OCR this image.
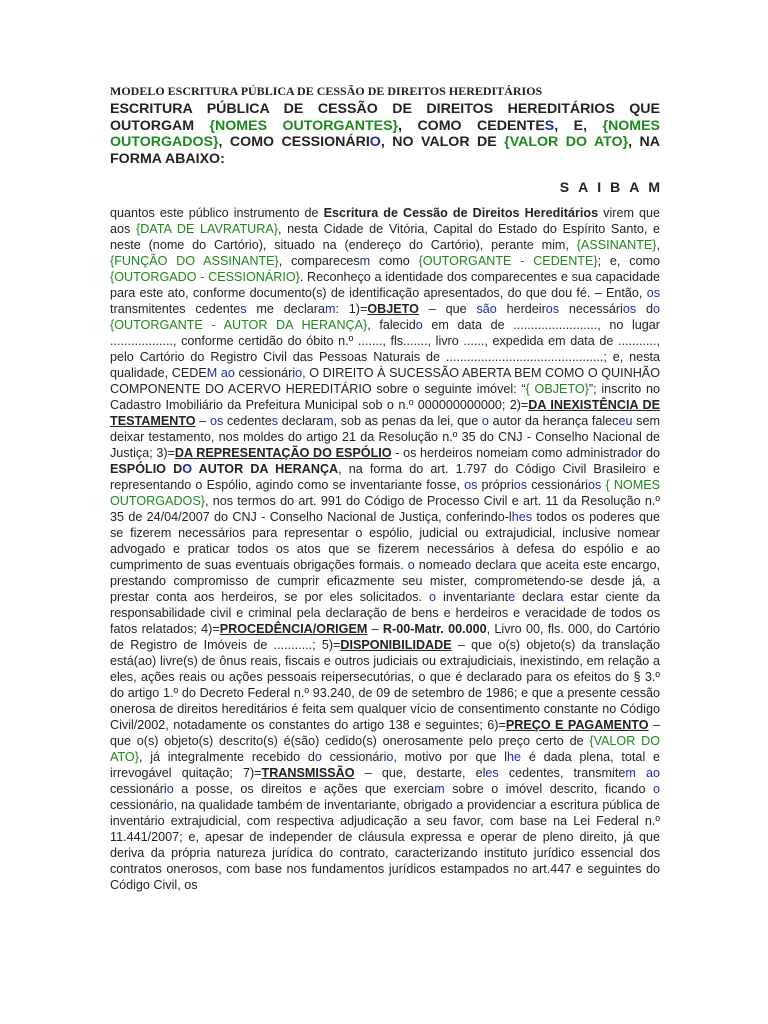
MODELO ESCRITURA PÚBLICA DE CESSÃO DE DIREITOS HEREDITÁRIOS

ESCRITURA PÚBLICA DE CESSÃO DE DIREITOS HEREDITÁRIOS QUE OUTORGAM {NOMES OUTORGANTES}, COMO CEDENTES, E, {NOMES OUTORGADOS}, COMO CESSIONÁRIO, NO VALOR DE {VALOR DO ATO}, NA FORMA ABAIXO:

SAIBAM

quantos este público instrumento de Escritura de Cessão de Direitos Hereditários virem que aos {DATA DE LAVRATURA}, nesta Cidade de Vitória, Capital do Estado do Espírito Santo, e neste (nome do Cartório), situado na (endereço do Cartório), perante mim, {ASSINANTE}, {FUNÇÃO DO ASSINANTE}, comparecesm como {OUTORGANTE - CEDENTE}; e, como {OUTORGADO - CESSIONÁRIO}. Reconheço a identidade dos comparecentes e sua capacidade para este ato, conforme documento(s) de identificação apresentados, do que dou fé. – Então, os transmitentes cedentes me declaram: 1)=OBJETO – que são herdeiros necessários do {OUTORGANTE - AUTOR DA HERANÇA}, falecido em data de ........................, no lugar .................., conforme certidão do óbito n.º ......., fls......., livro ......, expedida em data de ..........., pelo Cartório do Registro Civil das Pessoas Naturais de .............................................; e, nesta qualidade, CEDEM ao cessionário, O DIREITO À SUCESSÃO ABERTA BEM COMO O QUINHÃO COMPONENTE DO ACERVO HEREDITÁRIO sobre o seguinte imóvel: “{ OBJETO}”; inscrito no Cadastro Imobiliário da Prefeitura Municipal sob o n.º 000000000000; 2)=DA INEXISTÊNCIA DE TESTAMENTO – os cedentes declaram, sob as penas da lei, que o autor da herança faleceu sem deixar testamento, nos moldes do artigo 21 da Resolução n.º 35 do CNJ - Conselho Nacional de Justiça; 3)=DA REPRESENTAÇÃO DO ESPÓLIO - os herdeiros nomeiam como administrador do ESPÓLIO DO AUTOR DA HERANÇA, na forma do art. 1.797 do Código Civil Brasileiro e representando o Espólio, agindo como se inventariante fosse, os próprios cessionários { NOMES OUTORGADOS}, nos termos do art. 991 do Código de Processo Civil e art. 11 da Resolução n.º 35 de 24/04/2007 do CNJ - Conselho Nacional de Justiça, conferindo-lhes todos os poderes que se fizerem necessários para representar o espólio, judicial ou extrajudicial, inclusive nomear advogado e praticar todos os atos que se fizerem necessários à defesa do espólio e ao cumprimento de suas eventuais obrigações formais. o nomeado declara que aceita este encargo, prestando compromisso de cumprir eficazmente seu mister, comprometendo-se desde já, a prestar conta aos herdeiros, se por eles solicitados. o inventariante declara estar ciente da responsabilidade civil e criminal pela declaração de bens e herdeiros e veracidade de todos os fatos relatados; 4)=PROCEDÊNCIA/ORIGEM – R-00-Matr. 00.000, Livro 00, fls. 000, do Cartório de Registro de Imóveis de ...........; 5)=DISPONIBILIDADE – que o(s) objeto(s) da translação está(ao) livre(s) de ônus reais, fiscais e outros judiciais ou extrajudiciais, inexistindo, em relação a eles, ações reais ou ações pessoais reipersecutórias, o que é declarado para os efeitos do § 3.º do artigo 1.º do Decreto Federal n.º 93.240, de 09 de setembro de 1986; e que a presente cessão onerosa de direitos hereditários é feita sem qualquer vício de consentimento constante no Código Civil/2002, notadamente os constantes do artigo 138 e seguintes; 6)=PREÇO E PAGAMENTO – que o(s) objeto(s) descrito(s) é(são) cedido(s) onerosamente pelo preço certo de {VALOR DO ATO}, já integralmente recebido do cessionário, motivo por que lhe é dada plena, total e irrevogável quitação; 7)=TRANSMISSÃO – que, destarte, eles cedentes, transmitem ao cessionário a posse, os direitos e ações que exerciam sobre o imóvel descrito, ficando o cessionário, na qualidade também de inventariante, obrigado a providenciar a escritura pública de inventário extrajudicial, com respectiva adjudicação a seu favor, com base na Lei Federal n.º 11.441/2007; e, apesar de independer de cláusula expressa e operar de pleno direito, já que deriva da própria natureza jurídica do contrato, caracterizando instituto jurídico essencial dos contratos onerosos, com base nos fundamentos jurídicos estampados no art.447 e seguintes do Código Civil, os
